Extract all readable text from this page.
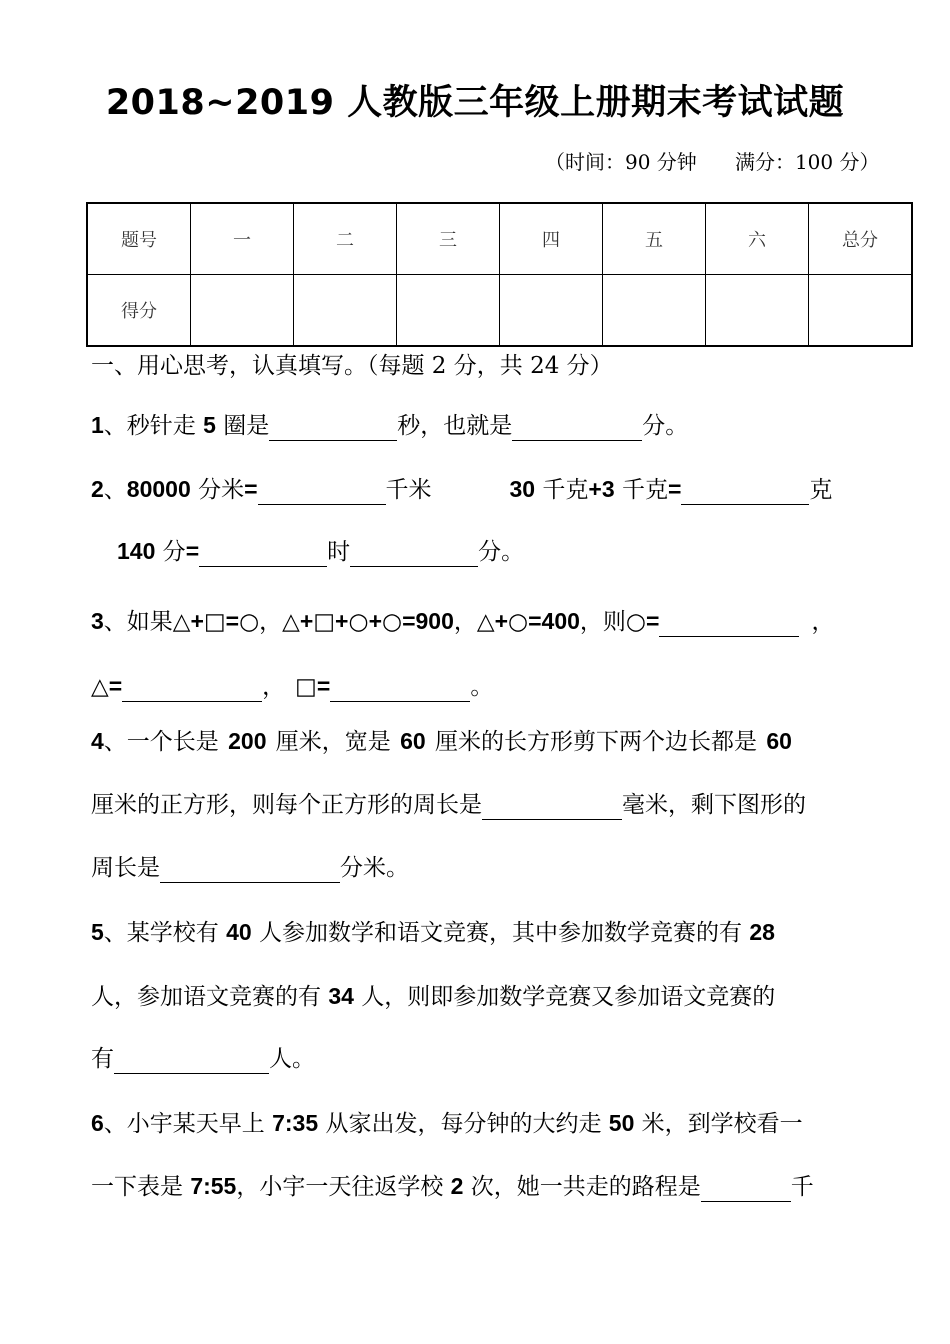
2018~2019 人教版三年级上册期末考试试题
（时间：90 分钟      满分：100 分）
题号	一	二	三	四	五	六	总分
得分							
一、用心思考，认真填写。（每题 2 分，共 24 分）
1、秒针走 5 圈是	秒，也就是	分。
2、80000 分米=	千米	30 千克+3 千克=	克
140 分=	时	分。
3、如果△+□=○，△+□+○+○=900，△+○=400，则○=	，
△=	， □=	。
4、一个长是 200 厘米，宽是 60 厘米的长方形剪下两个边长都是 60
厘米的正方形，则每个正方形的周长是	毫米，剩下图形的
周长是	分米。
5、某学校有 40 人参加数学和语文竞赛，其中参加数学竞赛的有 28
人，参加语文竞赛的有 34 人，则即参加数学竞赛又参加语文竞赛的
有	人。
6、小宇某天早上 7:35 从家出发，每分钟的大约走 50 米，到学校看一
一下表是 7:55，小宇一天往返学校 2 次，她一共走的路程是	千
